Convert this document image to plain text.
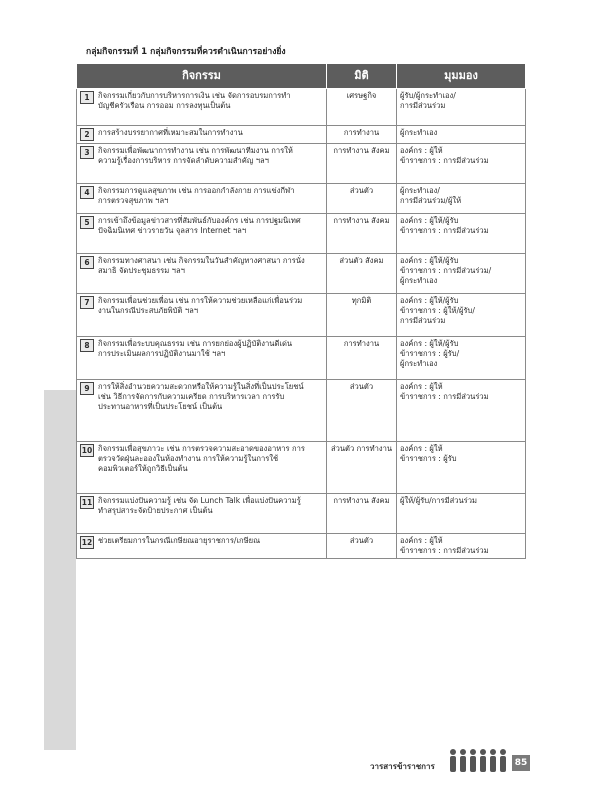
กลุ่มกิจกรรมที่ 1 กลุ่มกิจกรรมที่ควรดำเนินการอย่างยิ่ง
กิจกรรม	มิติ	มุมมอง
1 กิจกรรมเกี่ยวกับการบริหารการเงิน เช่น จัดการอบรมการทำบัญชีครัวเรือน การออม การลงทุนเป็นต้น	เศรษฐกิจ	ผู้รับ/ผู้กระทำเอง/
การมีส่วนร่วม

2 การสร้างบรรยากาศที่เหมาะสมในการทำงาน	การทำงาน	ผู้กระทำเอง

3 กิจกรรมเพื่อพัฒนาการทำงาน เช่น การพัฒนาทีมงาน การให้ความรู้เรื่องการบริหาร การจัดลำดับความสำคัญ ฯลฯ	การทำงาน สังคม	องค์กร : ผู้ให้
ข้าราชการ : การมีส่วนร่วม

4 กิจกรรมการดูแลสุขภาพ เช่น การออกกำลังกาย การแข่งกีฬา การตรวจสุขภาพ ฯลฯ	ส่วนตัว	ผู้กระทำเอง/
การมีส่วนร่วม/ผู้ให้

5 การเข้าถึงข้อมูลข่าวสารที่สัมพันธ์กับองค์กร เช่น การปฐมนิเทศ ปัจฉิมนิเทศ ข่าวรายวัน จุลสาร Internet ฯลฯ	การทำงาน สังคม	องค์กร : ผู้ให้/ผู้รับ
ข้าราชการ : การมีส่วนร่วม

6 กิจกรรมทางศาสนา เช่น กิจกรรมในวันสำคัญทางศาสนา การนั่งสมาธิ จัดประชุมธรรม ฯลฯ	ส่วนตัว สังคม	องค์กร : ผู้ให้/ผู้รับ
ข้าราชการ : การมีส่วนร่วม/
ผู้กระทำเอง

7 กิจกรรมเพื่อนช่วยเพื่อน เช่น การให้ความช่วยเหลือแก่เพื่อนร่วมงานในกรณีประสบภัยพิบัติ ฯลฯ	ทุกมิติ	องค์กร : ผู้ให้/ผู้รับ
ข้าราชการ : ผู้ให้/ผู้รับ/
การมีส่วนร่วม

8 กิจกรรมเพื่อระบบคุณธรรม เช่น การยกย่องผู้ปฏิบัติงานดีเด่น การประเมินผลการปฏิบัติงานมาใช้ ฯลฯ	การทำงาน	องค์กร : ผู้ให้/ผู้รับ
ข้าราชการ : ผู้รับ/
ผู้กระทำเอง

9 การให้สิ่งอำนวยความสะดวกหรือให้ความรู้ในสิ่งที่เป็นประโยชน์ เช่น วิธีการจัดการกับความเครียด การบริหารเวลา การรับประทานอาหารที่เป็นประโยชน์ เป็นต้น	ส่วนตัว	องค์กร : ผู้ให้
ข้าราชการ : การมีส่วนร่วม

10 กิจกรรมเพื่อสุขภาวะ เช่น การตรวจความสะอาดของอาหาร การตรวจวัดฝุ่นละอองในห้องทำงาน การให้ความรู้ในการใช้คอมพิวเตอร์ให้ถูกวิธีเป็นต้น	ส่วนตัว การทำงาน	องค์กร : ผู้ให้
ข้าราชการ : ผู้รับ

11 กิจกรรมแบ่งปันความรู้ เช่น จัด Lunch Talk เพื่อแบ่งปันความรู้ ทำสรุปสาระจัดป้ายประกาศ เป็นต้น	การทำงาน สังคม	ผู้ให้/ผู้รับ/การมีส่วนร่วม

12 ช่วยเตรียมการในกรณีเกษียณอายุราชการ/เกษียณ	ส่วนตัว	องค์กร : ผู้ให้
ข้าราชการ : การมีส่วนร่วม
วารสารข้าราชการ	85
